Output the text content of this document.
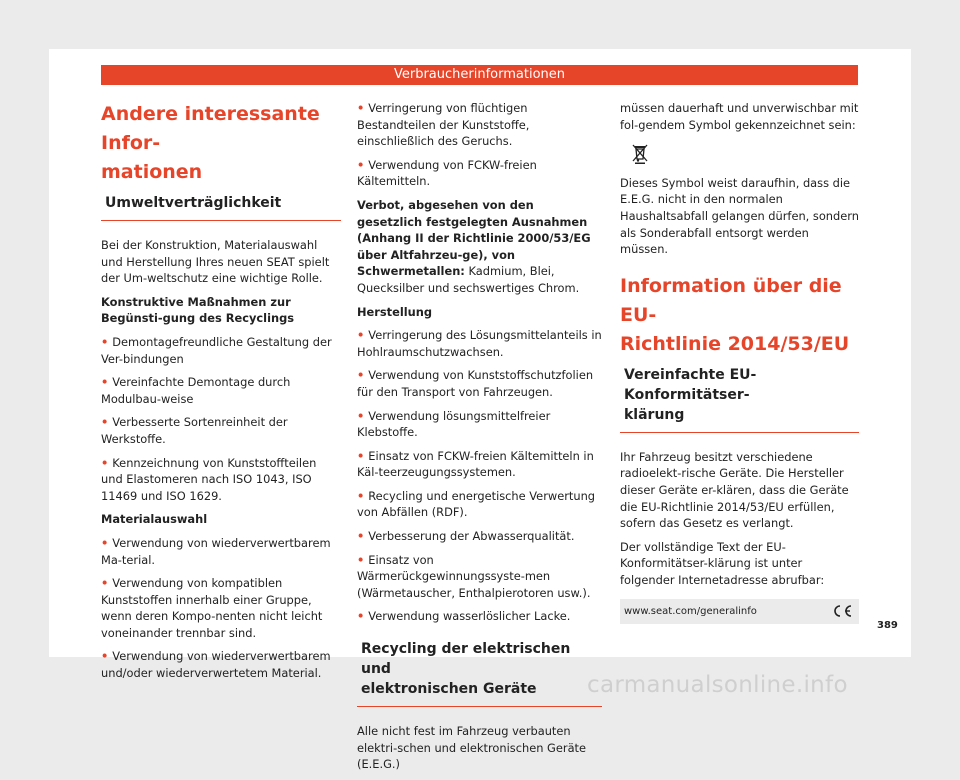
Verbraucherinformationen
Andere interessante Infor-
mationen
Umweltverträglichkeit

Bei der Konstruktion, Materialauswahl und Herstellung Ihres neuen SEAT spielt der Um-weltschutz eine wichtige Rolle.

Konstruktive Maßnahmen zur Begünsti-gung des Recyclings

• Demontagefreundliche Gestaltung der Ver-bindungen

• Vereinfachte Demontage durch Modulbau-weise

• Verbesserte Sortenreinheit der Werkstoffe.

• Kennzeichnung von Kunststoffteilen und Elastomeren nach ISO 1043, ISO 11469 und ISO 1629.

Materialauswahl

• Verwendung von wiederverwertbarem Ma-terial.

• Verwendung von kompatiblen Kunststoffen innerhalb einer Gruppe, wenn deren Kompo-nenten nicht leicht voneinander trennbar sind.

• Verwendung von wiederverwertbarem und/oder wiederverwertetem Material.

• Verringerung von flüchtigen Bestandteilen der Kunststoffe, einschließlich des Geruchs.

• Verwendung von FCKW-freien Kältemitteln.

Verbot, abgesehen von den gesetzlich festgelegten Ausnahmen (Anhang II der Richtlinie 2000/53/EG über Altfahrzeu-ge), von Schwermetallen: Kadmium, Blei, Quecksilber und sechswertiges Chrom.

Herstellung

• Verringerung des Lösungsmittelanteils in Hohlraumschutzwachsen.

• Verwendung von Kunststoffschutzfolien für den Transport von Fahrzeugen.

• Verwendung lösungsmittelfreier Klebstoffe.

• Einsatz von FCKW-freien Kältemitteln in Käl-teerzeugungssystemen.

• Recycling und energetische Verwertung von Abfällen (RDF).

• Verbesserung der Abwasserqualität.

• Einsatz von Wärmerückgewinnungssyste-men (Wärmetauscher, Enthalpierotoren usw.).

• Verwendung wasserlöslicher Lacke.

Recycling der elektrischen und
elektronischen Geräte

Alle nicht fest im Fahrzeug verbauten elektri-schen und elektronischen Geräte (E.E.G.)

müssen dauerhaft und unverwischbar mit fol-gendem Symbol gekennzeichnet sein:

Dieses Symbol weist daraufhin, dass die E.E.G. nicht in den normalen Haushaltsabfall gelangen dürfen, sondern als Sonderabfall entsorgt werden müssen.

Information über die EU-
Richtlinie 2014/53/EU
Vereinfachte EU-Konformitätser-
klärung

Ihr Fahrzeug besitzt verschiedene radioelekt-rische Geräte. Die Hersteller dieser Geräte er-klären, dass die Geräte die EU-Richtlinie 2014/53/EU erfüllen, sofern das Gesetz es verlangt.

Der vollständige Text der EU-Konformitätser-klärung ist unter folgender Internetadresse abrufbar:

www.seat.com/generalinfo
389
carmanualsonline.info
